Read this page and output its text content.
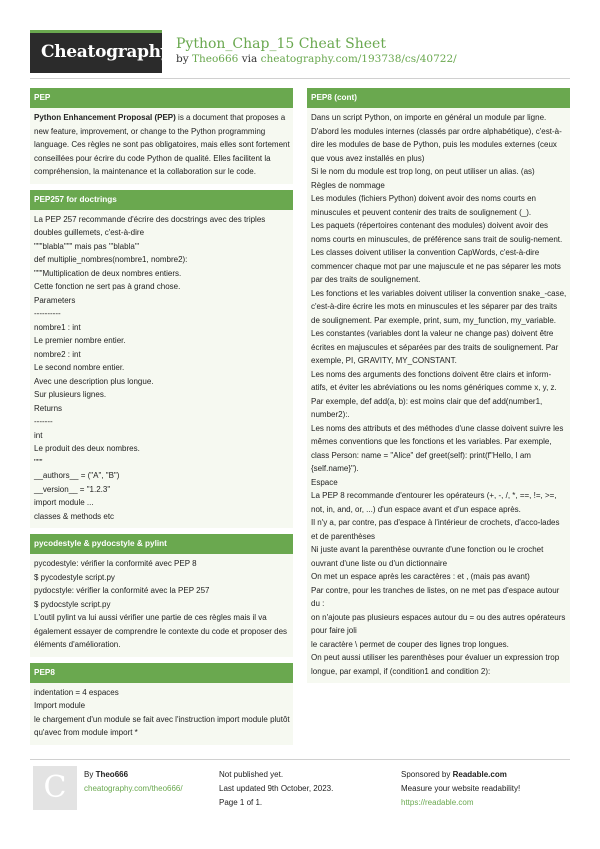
Cheatography Python_Chap_15 Cheat Sheet
by Theo666 via cheatography.com/193738/cs/40722/
PEP

Python Enhancement Proposal (PEP) is a document that proposes a new feature, improvement, or change to the Python programming language. Ces règles ne sont pas obligatoires, mais elles sont fortement conseillées pour écrire du code Python de qualité. Elles facilitent la compréhension, la maintenance et la collaboration sur le code.

PEP257 for doctrings

La PEP 257 recommande d'écrire des docstrings avec des triples doubles guillemets, c'est-à-dire

"""blabla""" mais pas '''blabla'''

def multiplie_nombres(nombre1, nombre2):

"""Multiplication de deux nombres entiers.

Cette fonction ne sert pas à grand chose.

Parameters

----------

nombre1 : int

Le premier nombre entier.

nombre2 : int

Le second nombre entier.

Avec une description plus longue.

Sur plusieurs lignes.

Returns

-------

int

Le produit des deux nombres.

"""

__authors__ = ("A", "B")

__version__ = "1.2.3"

import module ...

classes & methods etc

pycodestyle & pydocstyle & pylint

pycodestyle: vérifier la conformité avec PEP 8

$ pycodestyle script.py

pydocstyle: vérifier la conformité avec la PEP 257

$ pydocstyle script.py

L'outil pylint va lui aussi vérifier une partie de ces règles mais il va également essayer de comprendre le contexte du code et proposer des éléments d'amélioration.

PEP8

indentation = 4 espaces

Import module

le chargement d'un module se fait avec l'instruction import module plutôt qu'avec from module import *

PEP8 (cont)

Dans un script Python, on importe en général un module par ligne. D'abord les modules internes (classés par ordre alphabétique), c'est-à-dire les modules de base de Python, puis les modules externes (ceux que vous avez installés en plus)

Si le nom du module est trop long, on peut utiliser un alias. (as)

Règles de nommage

Les modules (fichiers Python) doivent avoir des noms courts en minuscules et peuvent contenir des traits de soulignement (_).

Les paquets (répertoires contenant des modules) doivent avoir des noms courts en minuscules, de préférence sans trait de soulig-nement.

Les classes doivent utiliser la convention CapWords, c'est-à-dire commencer chaque mot par une majuscule et ne pas séparer les mots par des traits de soulignement.

Les fonctions et les variables doivent utiliser la convention snake_-case, c'est-à-dire écrire les mots en minuscules et les séparer par des traits de soulignement. Par exemple, print, sum, my_function, my_variable.

Les constantes (variables dont la valeur ne change pas) doivent être écrites en majuscules et séparées par des traits de soulignement. Par exemple, PI, GRAVITY, MY_CONSTANT.

Les noms des arguments des fonctions doivent être clairs et inform-atifs, et éviter les abréviations ou les noms génériques comme x, y, z. Par exemple, def add(a, b): est moins clair que def add(number1, number2):.

Les noms des attributs et des méthodes d'une classe doivent suivre les mêmes conventions que les fonctions et les variables. Par exemple, class Person: name = "Alice" def greet(self): print(f"Hello, I am {self.name}").

Espace

La PEP 8 recommande d'entourer les opérateurs (+, -, /, *, ==, !=, >=, not, in, and, or, ...) d'un espace avant et d'un espace après.

Il n'y a, par contre, pas d'espace à l'intérieur de crochets, d'acco-lades et de parenthèses

Ni juste avant la parenthèse ouvrante d'une fonction ou le crochet ouvrant d'une liste ou d'un dictionnaire

On met un espace après les caractères : et , (mais pas avant)

Par contre, pour les tranches de listes, on ne met pas d'espace autour du :

on n'ajoute pas plusieurs espaces autour du = ou des autres opérateurs pour faire joli

le caractère \ permet de couper des lignes trop longues.

On peut aussi utiliser les parenthèses pour évaluer un expression trop longue, par exampl, if (condition1 and condition 2):

C	By Theo666
cheatography.com/theo666/
Not published yet.
Last updated 9th October, 2023.
Page 1 of 1.
Sponsored by Readable.com
Measure your website readability!
https://readable.com
